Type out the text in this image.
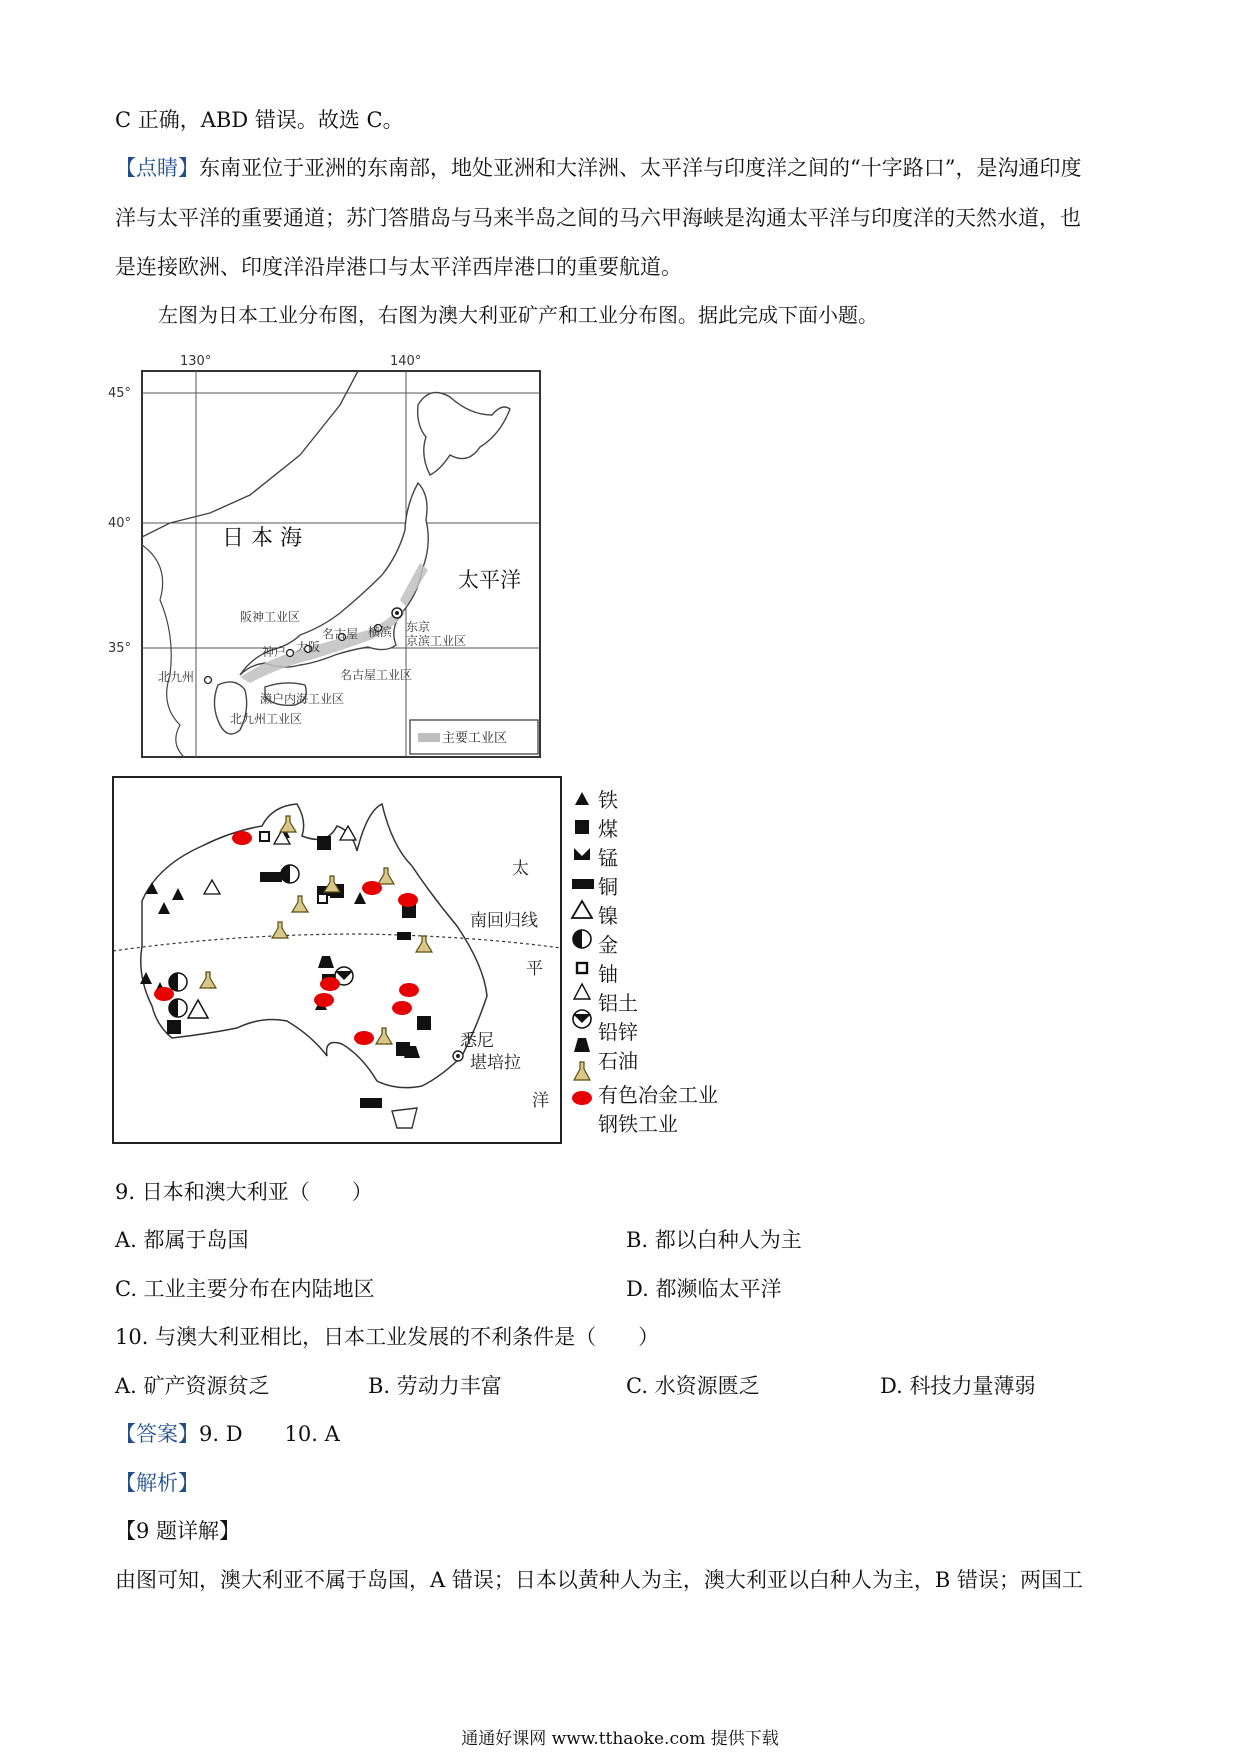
C 正确，ABD 错误。故选 C。
【点睛】东南亚位于亚洲的东南部，地处亚洲和大洋洲、太平洋与印度洋之间的“十字路口”，是沟通印度
洋与太平洋的重要通道；苏门答腊岛与马来半岛之间的马六甲海峡是沟通太平洋与印度洋的天然水道，也
是连接欧洲、印度洋沿岸港口与太平洋西岸港口的重要航道。
左图为日本工业分布图，右图为澳大利亚矿产和工业分布图。据此完成下面小题。
130°	140°
45°
40°
35°
日 本 海
太平洋
阪神工业区
名古屋 横滨 东京
京滨工业区
神户 大阪
名古屋工业区
北九州
濑户内海工业区
北九州工业区
主要工业区
南回归线
太
平
洋
悉尼
堪培拉
铁
煤
锰
铜
镍
金
铀
铝土
铅锌
石油
有色冶金工业
钢铁工业
9. 日本和澳大利亚（　　）
A. 都属于岛国	B. 都以白种人为主
C. 工业主要分布在内陆地区	D. 都濒临太平洋
10. 与澳大利亚相比，日本工业发展的不利条件是（　　）
A. 矿产资源贫乏	B. 劳动力丰富	C. 水资源匮乏	D. 科技力量薄弱
【答案】9. D　　10. A
【解析】
【9 题详解】
由图可知，澳大利亚不属于岛国，A 错误；日本以黄种人为主，澳大利亚以白种人为主，B 错误；两国工
通通好课网 www.tthaoke.com 提供下载
